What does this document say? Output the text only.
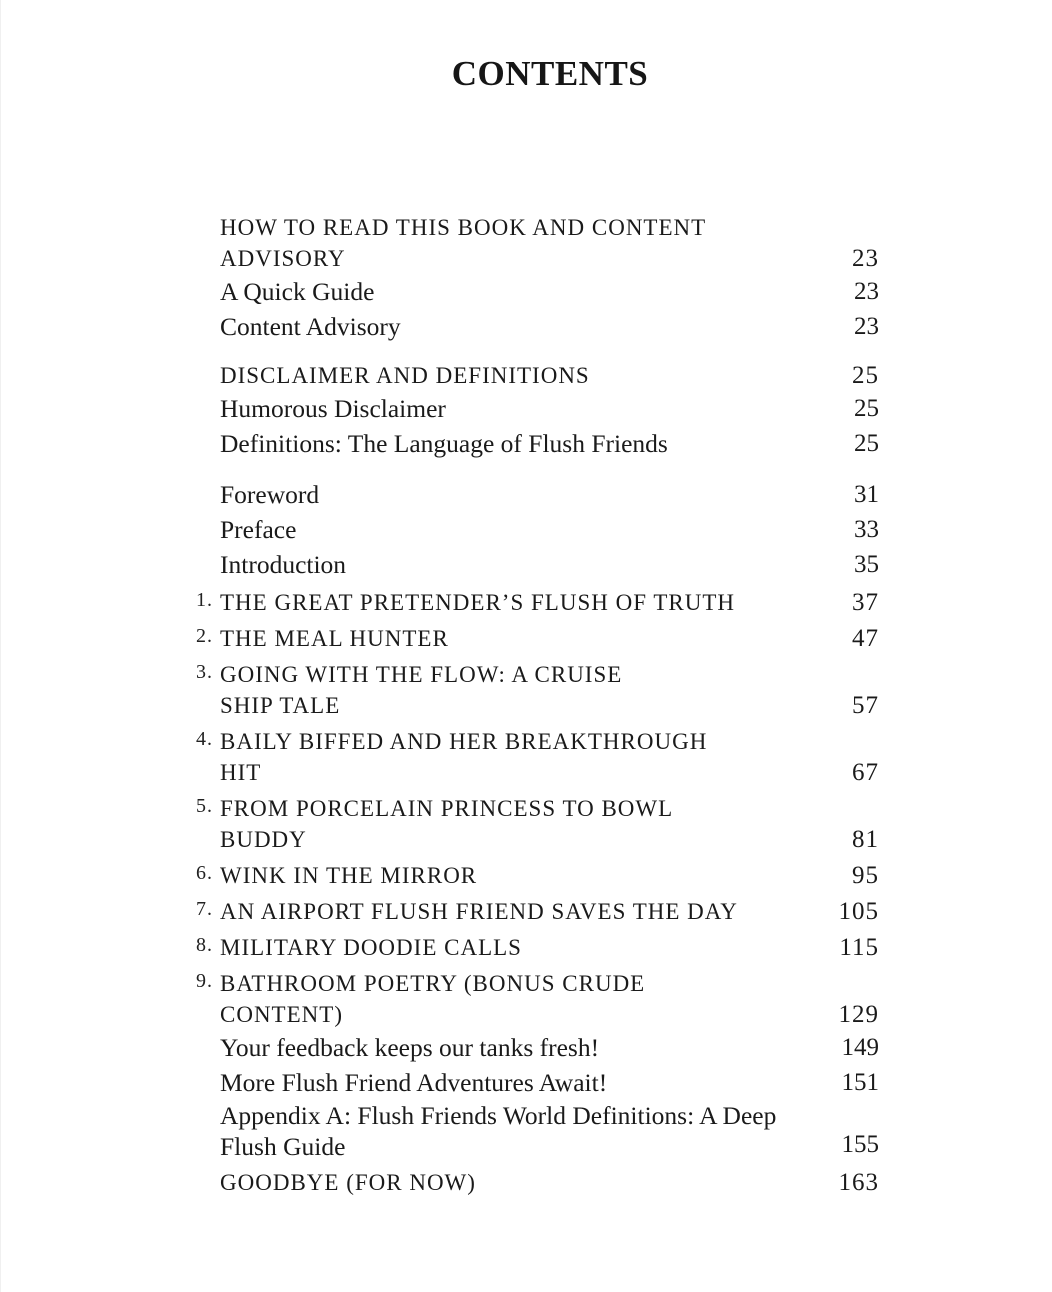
CONTENTS
HOW TO READ THIS BOOK AND CONTENT ADVISORY	23
A Quick Guide	23
Content Advisory	23
DISCLAIMER AND DEFINITIONS	25
Humorous Disclaimer	25
Definitions: The Language of Flush Friends	25
Foreword	31
Preface	33
Introduction	35
1. THE GREAT PRETENDER’S FLUSH OF TRUTH	37
2. THE MEAL HUNTER	47
3. GOING WITH THE FLOW: A CRUISE SHIP TALE	57
4. BAILY BIFFED AND HER BREAKTHROUGH HIT	67
5. FROM PORCELAIN PRINCESS TO BOWL BUDDY	81
6. WINK IN THE MIRROR	95
7. AN AIRPORT FLUSH FRIEND SAVES THE DAY	105
8. MILITARY DOODIE CALLS	115
9. BATHROOM POETRY (BONUS CRUDE CONTENT)	129
Your feedback keeps our tanks fresh!	149
More Flush Friend Adventures Await!	151
Appendix A: Flush Friends World Definitions: A Deep Flush Guide	155
GOODBYE (FOR NOW)	163
